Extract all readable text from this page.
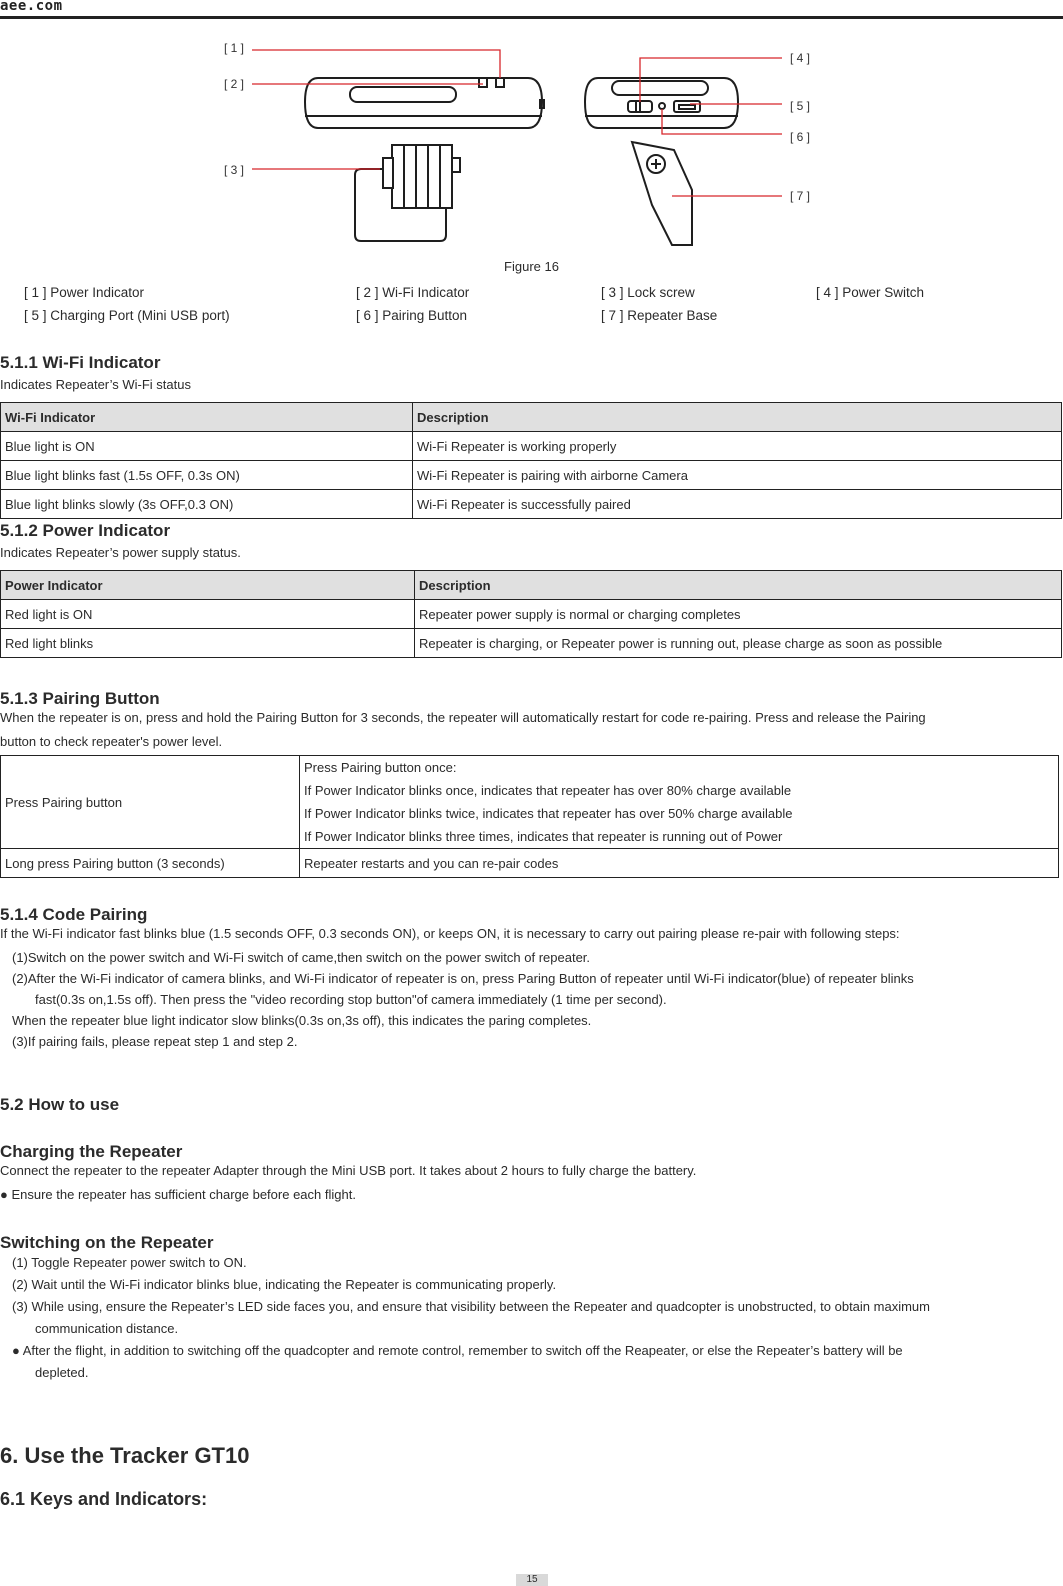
aee.com
[ 1 ]
[ 2 ]
[ 3 ]
[ 4 ]
[ 5 ]
[ 6 ]
[ 7 ]
Figure 16
[ 1 ] Power Indicator	[ 2 ] Wi-Fi Indicator	[ 3 ] Lock screw	[ 4 ] Power Switch
[ 5 ] Charging Port (Mini USB port)	[ 6 ] Pairing Button	[ 7 ] Repeater Base
5.1.1 Wi-Fi Indicator
Indicates Repeater’s Wi-Fi status
Wi-Fi Indicator	Description
Blue light is ON	Wi-Fi Repeater is working properly
Blue light blinks fast (1.5s OFF, 0.3s ON)	Wi-Fi Repeater is pairing with airborne Camera
Blue light blinks slowly (3s OFF,0.3 ON)	Wi-Fi Repeater is successfully paired
5.1.2 Power Indicator
Indicates Repeater’s power supply status.
Power Indicator	Description
Red light is ON	Repeater power supply is normal or charging completes
Red light blinks	Repeater is charging, or Repeater power is running out, please charge as soon as possible
5.1.3 Pairing Button
When the repeater is on, press and hold the Pairing Button for 3 seconds, the repeater will automatically restart for code re-pairing. Press and release the Pairing
button to check repeater's power level.
Press Pairing button	Press Pairing button once:
If Power Indicator blinks once, indicates that repeater has over 80% charge available
If Power Indicator blinks twice, indicates that repeater has over 50% charge available
If Power Indicator blinks three times, indicates that repeater is running out of Power

Long press Pairing button (3 seconds)	Repeater restarts and you can re-pair codes
5.1.4 Code Pairing
If the Wi-Fi indicator fast blinks blue (1.5 seconds OFF, 0.3 seconds ON), or keeps ON, it is necessary to carry out pairing please re-pair with following steps:
(1)Switch on the power switch and Wi-Fi switch of came,then switch on the power switch of repeater.
(2)After the Wi-Fi indicator of camera blinks, and Wi-Fi indicator of repeater is on, press Paring Button of repeater until Wi-Fi indicator(blue) of repeater blinks
fast(0.3s on,1.5s off). Then press the "video recording stop button"of camera immediately (1 time per second).
When the repeater blue light indicator slow blinks(0.3s on,3s off), this indicates the paring completes.
(3)If pairing fails, please repeat step 1 and step 2.
5.2 How to use
Charging the Repeater
Connect the repeater to the repeater Adapter through the Mini USB port. It takes about 2 hours to fully charge the battery.
● Ensure the repeater has sufficient charge before each flight.
Switching on the Repeater
(1) Toggle Repeater power switch to ON.
(2) Wait until the Wi-Fi indicator blinks blue, indicating the Repeater is communicating properly.
(3) While using, ensure the Repeater’s LED side faces you, and ensure that visibility between the Repeater and quadcopter is unobstructed, to obtain maximum
communication distance.
● After the flight, in addition to switching off the quadcopter and remote control, remember to switch off the Reapeater, or else the Repeater’s battery will be
depleted.
6. Use the Tracker GT10
6.1 Keys and Indicators:
15
